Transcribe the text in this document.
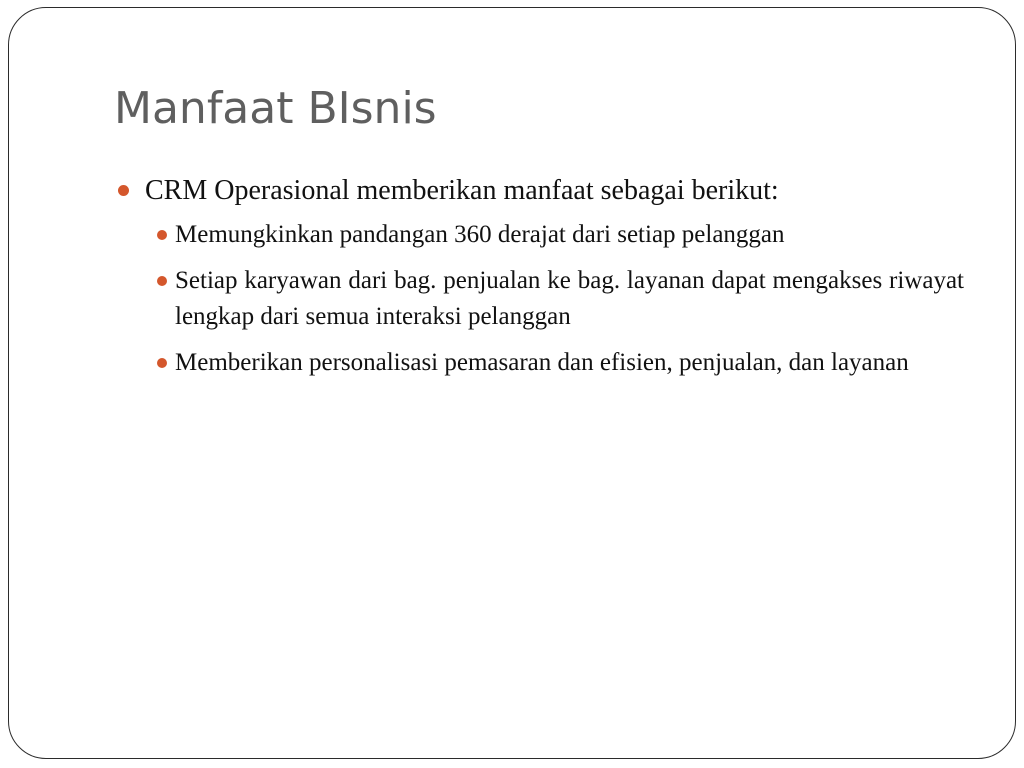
Manfaat BIsnis
CRM Operasional memberikan manfaat sebagai berikut:
Memungkinkan pandangan 360 derajat dari setiap pelanggan
Setiap karyawan dari bag. penjualan ke bag. layanan dapat mengakses riwayat lengkap dari semua interaksi pelanggan
Memberikan personalisasi pemasaran dan efisien, penjualan, dan layanan
